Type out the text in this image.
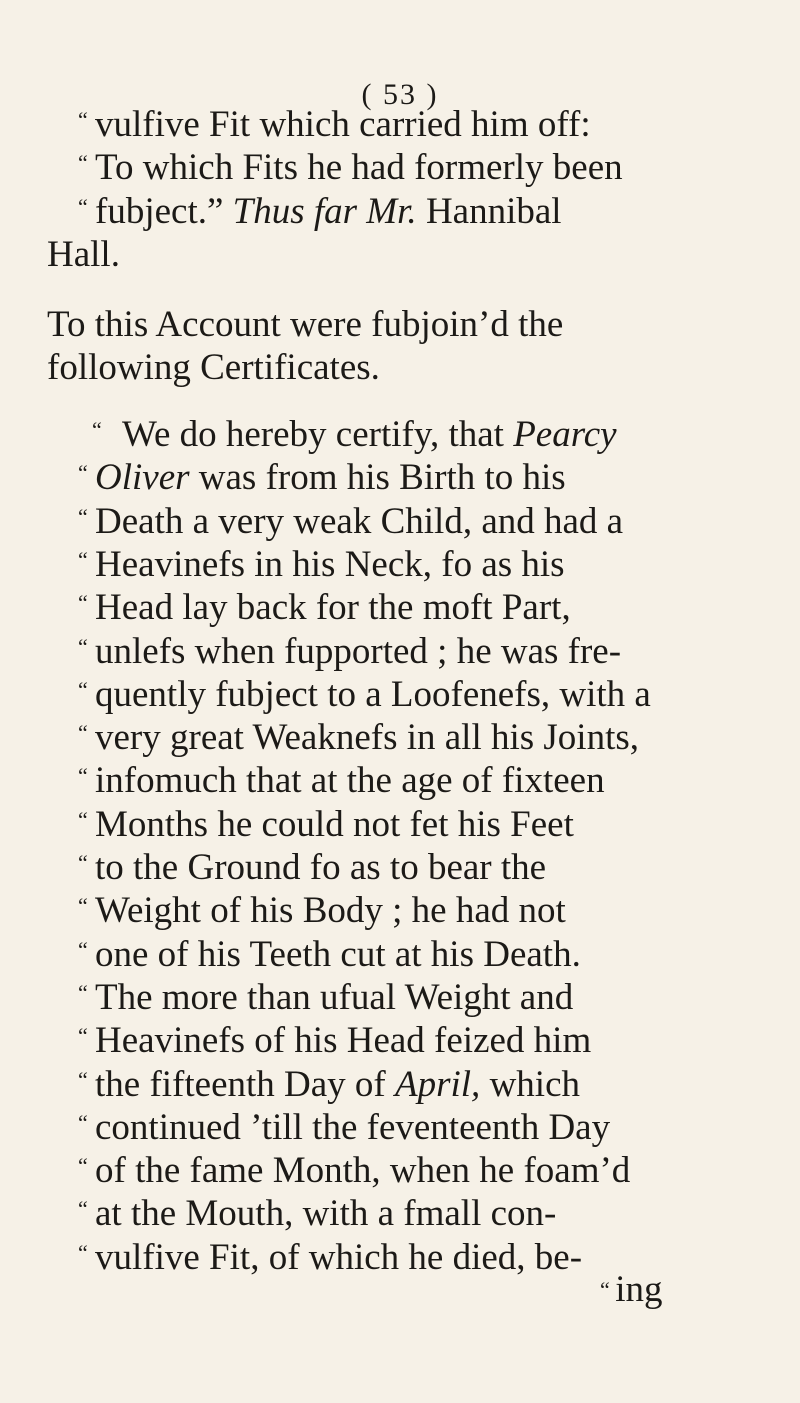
( 53 )
“ vulfive Fit which carried him off:
“ To which Fits he had formerly been
“ fubject.” Thus far Mr. Hannibal
Hall.
To this Account were fubjoin’d the
following Certificates.
“ We do hereby certify, that Pearcy
“ Oliver was from his Birth to his
“ Death a very weak Child, and had a
“ Heavinefs in his Neck, fo as his
“ Head lay back for the moft Part,
“ unlefs when fupported ; he was fre-
“ quently fubject to a Loofenefs, with a
“ very great Weaknefs in all his Joints,
“ infomuch that at the age of fixteen
“ Months he could not fet his Feet
“ to the Ground fo as to bear the
“ Weight of his Body ; he had not
“ one of his Teeth cut at his Death.
“ The more than ufual Weight and
“ Heavinefs of his Head feized him
“ the fifteenth Day of April, which
“ continued ’till the feventeenth Day
“ of the fame Month, when he foam’d
“ at the Mouth, with a fmall con-
“ vulfive Fit, of which he died, be-
“ ing
